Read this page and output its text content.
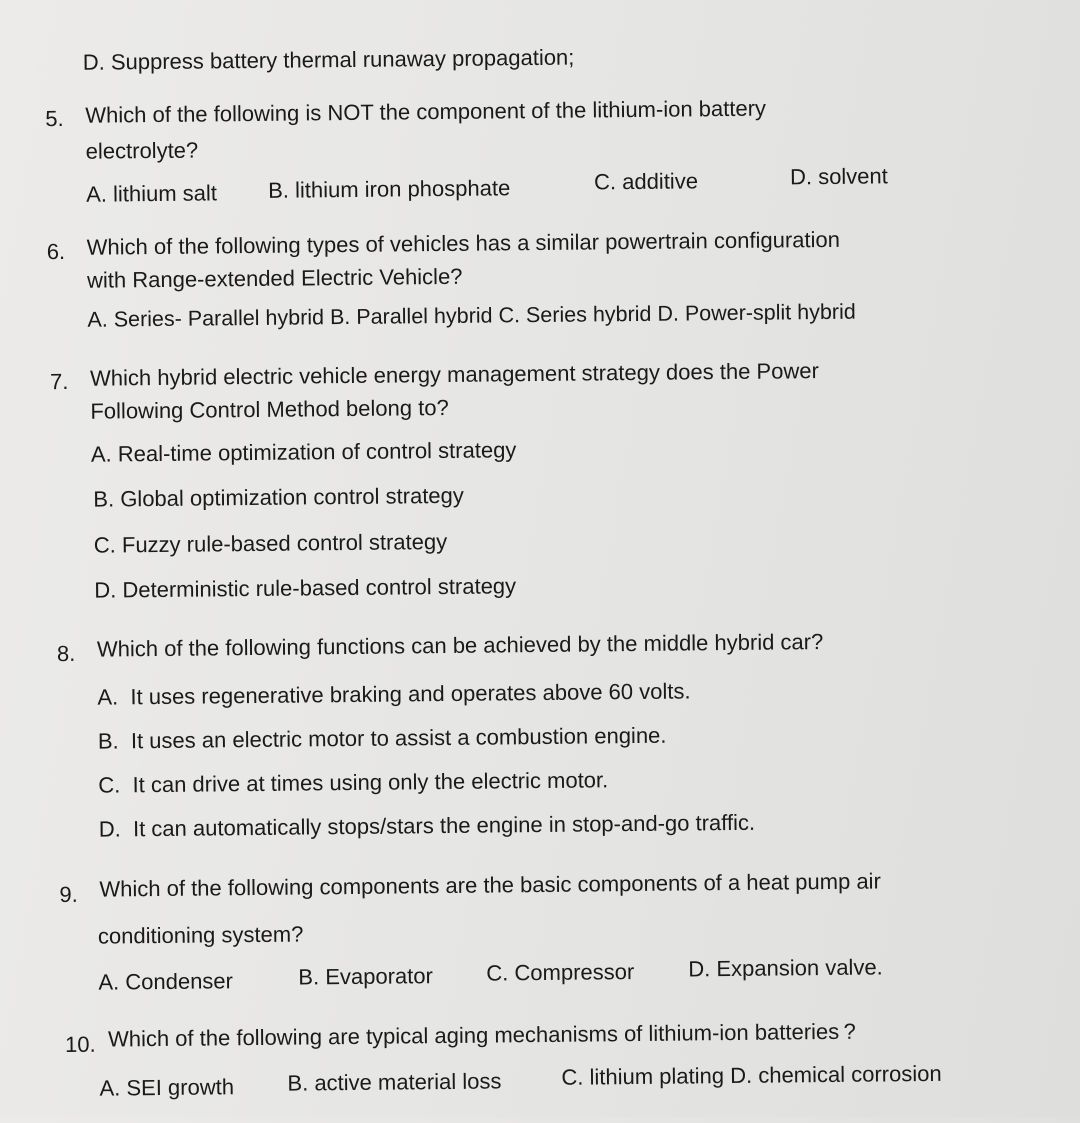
D. Suppress battery thermal runaway propagation;
5. Which of the following is NOT the component of the lithium-ion battery
electrolyte?
A. lithium salt B. lithium iron phosphate	C. additive	D. solvent
6. Which of the following types of vehicles has a similar powertrain configuration
with Range-extended Electric Vehicle?
A. Series- Parallel hybrid B. Parallel hybrid C. Series hybrid D. Power-split hybrid
7. Which hybrid electric vehicle energy management strategy does the Power
Following Control Method belong to?
A. Real-time optimization of control strategy
B. Global optimization control strategy
C. Fuzzy rule-based control strategy
D. Deterministic rule-based control strategy
8. Which of the following functions can be achieved by the middle hybrid car?
A.  It uses regenerative braking and operates above 60 volts.
B.  It uses an electric motor to assist a combustion engine.
C.  It can drive at times using only the electric motor.
D.  It can automatically stops/stars the engine in stop-and-go traffic.
9. Which of the following components are the basic components of a heat pump air
conditioning system?
A. Condenser	B. Evaporator C. Compressor D. Expansion valve.
10. Which of the following are typical aging mechanisms of lithium-ion batteries ?
A. SEI growth B. active material loss	C. lithium plating D. chemical corrosion
